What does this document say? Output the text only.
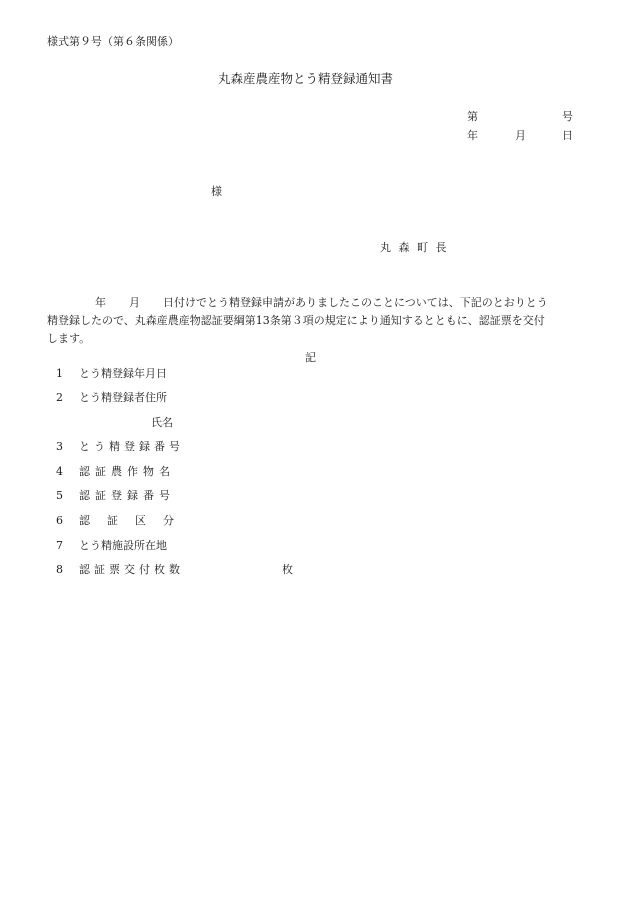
様式第９号（第６条関係）
丸森産農産物とう精登録通知書
第	号
年	月	日
様
丸 森 町 長
年 月 日付けでとう精登録申請がありましたこのことについては、下記のとおりとう
精登録したので、丸森産農産物認証要綱第13条第３項の規定により通知するとともに、認証票を交付
します。
記
1 とう精登録年月日
2 とう精登録者住所
氏名
3 とう精登録番号
4 認証農作物名
5 認証登録番号
6 認証区分
7 とう精施設所在地
8 認証票交付枚数	枚
